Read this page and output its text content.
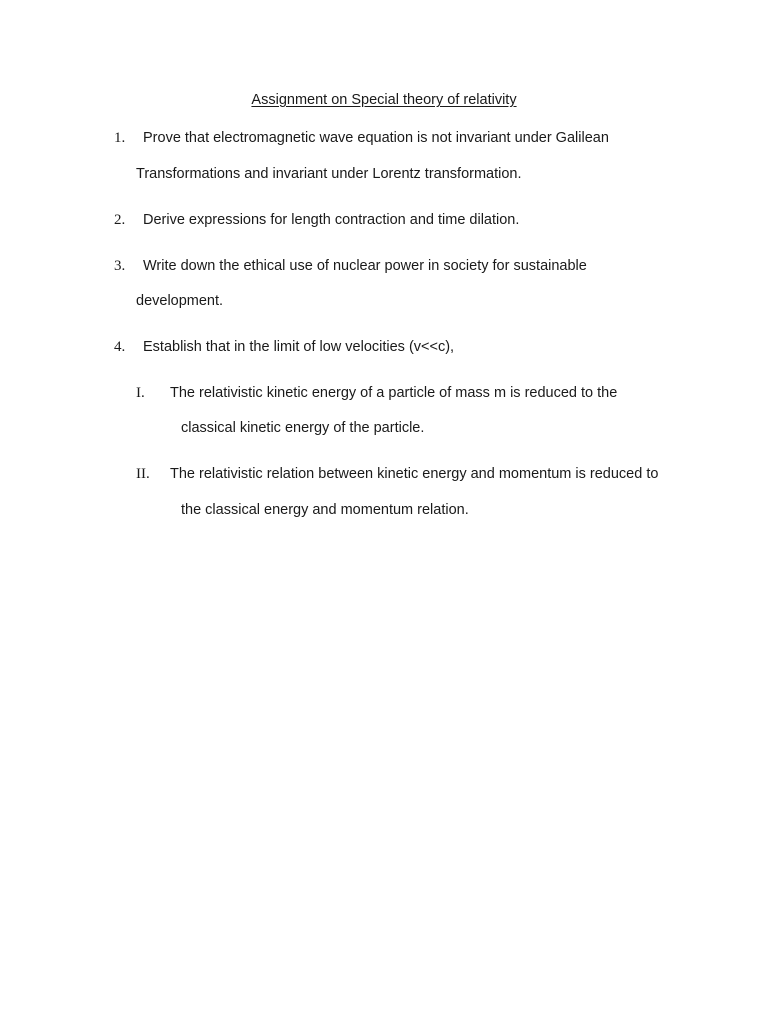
Assignment on Special theory of relativity
1. Prove that electromagnetic wave equation is not invariant under Galilean
Transformations and invariant under Lorentz transformation.
2. Derive expressions for length contraction and time dilation.
3. Write down the ethical use of nuclear power in society for sustainable
development.
4. Establish that in the limit of low velocities (v<<c),
I. The relativistic kinetic energy of a particle of mass m is reduced to the
classical kinetic energy of the particle.
II. The relativistic relation between kinetic energy and momentum is reduced to
the classical energy and momentum relation.
